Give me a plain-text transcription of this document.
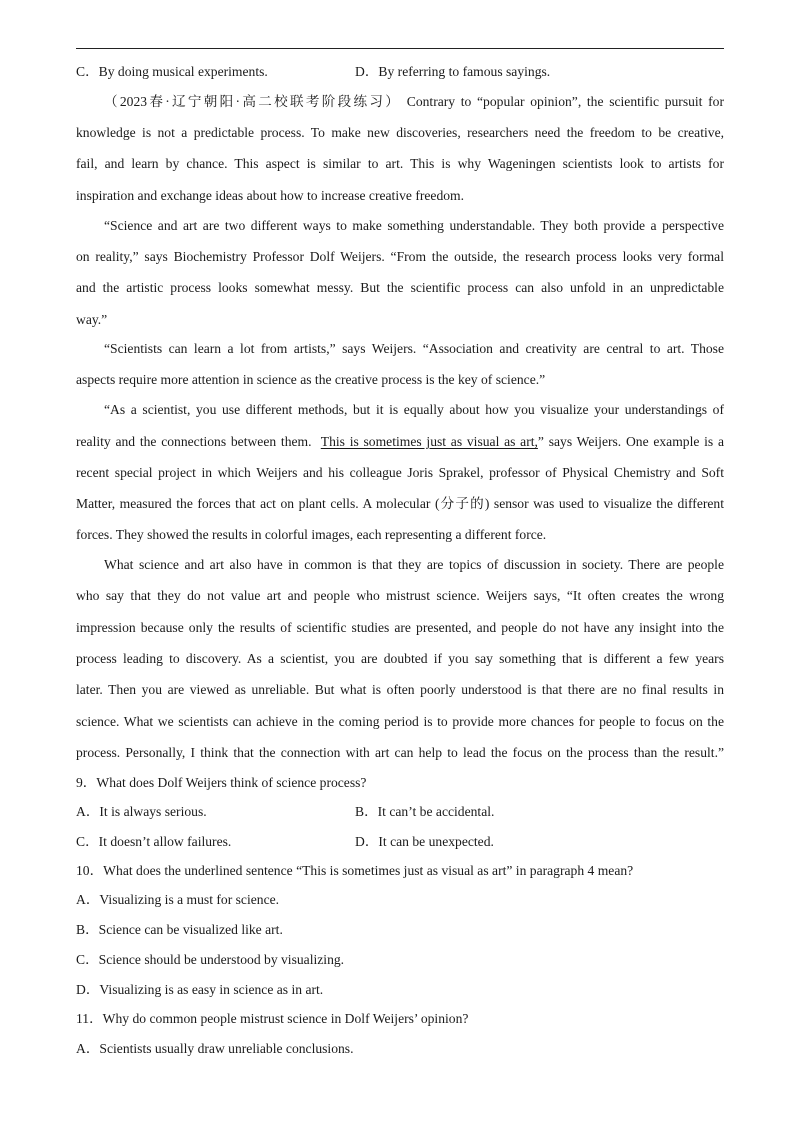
C．By doing musical experiments.	D．By referring to famous sayings.
（2023春·辽宁朝阳·高二校联考阶段练习） Contrary to “popular opinion”, the scientific pursuit for
knowledge is not a predictable process. To make new discoveries, researchers need the freedom to be creative,
fail, and learn by chance. This aspect is similar to art. This is why Wageningen scientists look to artists for
inspiration and exchange ideas about how to increase creative freedom.
“Science and art are two different ways to make something understandable. They both provide a perspective
on reality,” says Biochemistry Professor Dolf Weijers. “From the outside, the research process looks very formal
and the artistic process looks somewhat messy. But the scientific process can also unfold in an unpredictable
way.”
“Scientists can learn a lot from artists,” says Weijers. “Association and creativity are central to art. Those
aspects require more attention in science as the creative process is the key of science.”
“As a scientist, you use different methods, but it is equally about how you visualize your understandings of
reality and the connections between them. This is sometimes just as visual as art,” says Weijers. One example is a
recent special project in which Weijers and his colleague Joris Sprakel, professor of Physical Chemistry and Soft
Matter, measured the forces that act on plant cells. A molecular (分子的) sensor was used to visualize the different
forces. They showed the results in colorful images, each representing a different force.
What science and art also have in common is that they are topics of discussion in society. There are people
who say that they do not value art and people who mistrust science. Weijers says, “It often creates the wrong
impression because only the results of scientific studies are presented, and people do not have any insight into the
process leading to discovery. As a scientist, you are doubted if you say something that is different a few years
later. Then you are viewed as unreliable. But what is often poorly understood is that there are no final results in
science. What we scientists can achieve in the coming period is to provide more chances for people to focus on the
process. Personally, I think that the connection with art can help to lead the focus on the process than the result.”
9．What does Dolf Weijers think of science process?
A．It is always serious.	B．It can’t be accidental.
C．It doesn’t allow failures.	D．It can be unexpected.
10．What does the underlined sentence “This is sometimes just as visual as art” in paragraph 4 mean?
A．Visualizing is a must for science.
B．Science can be visualized like art.
C．Science should be understood by visualizing.
D．Visualizing is as easy in science as in art.
11．Why do common people mistrust science in Dolf Weijers’ opinion?
A．Scientists usually draw unreliable conclusions.
